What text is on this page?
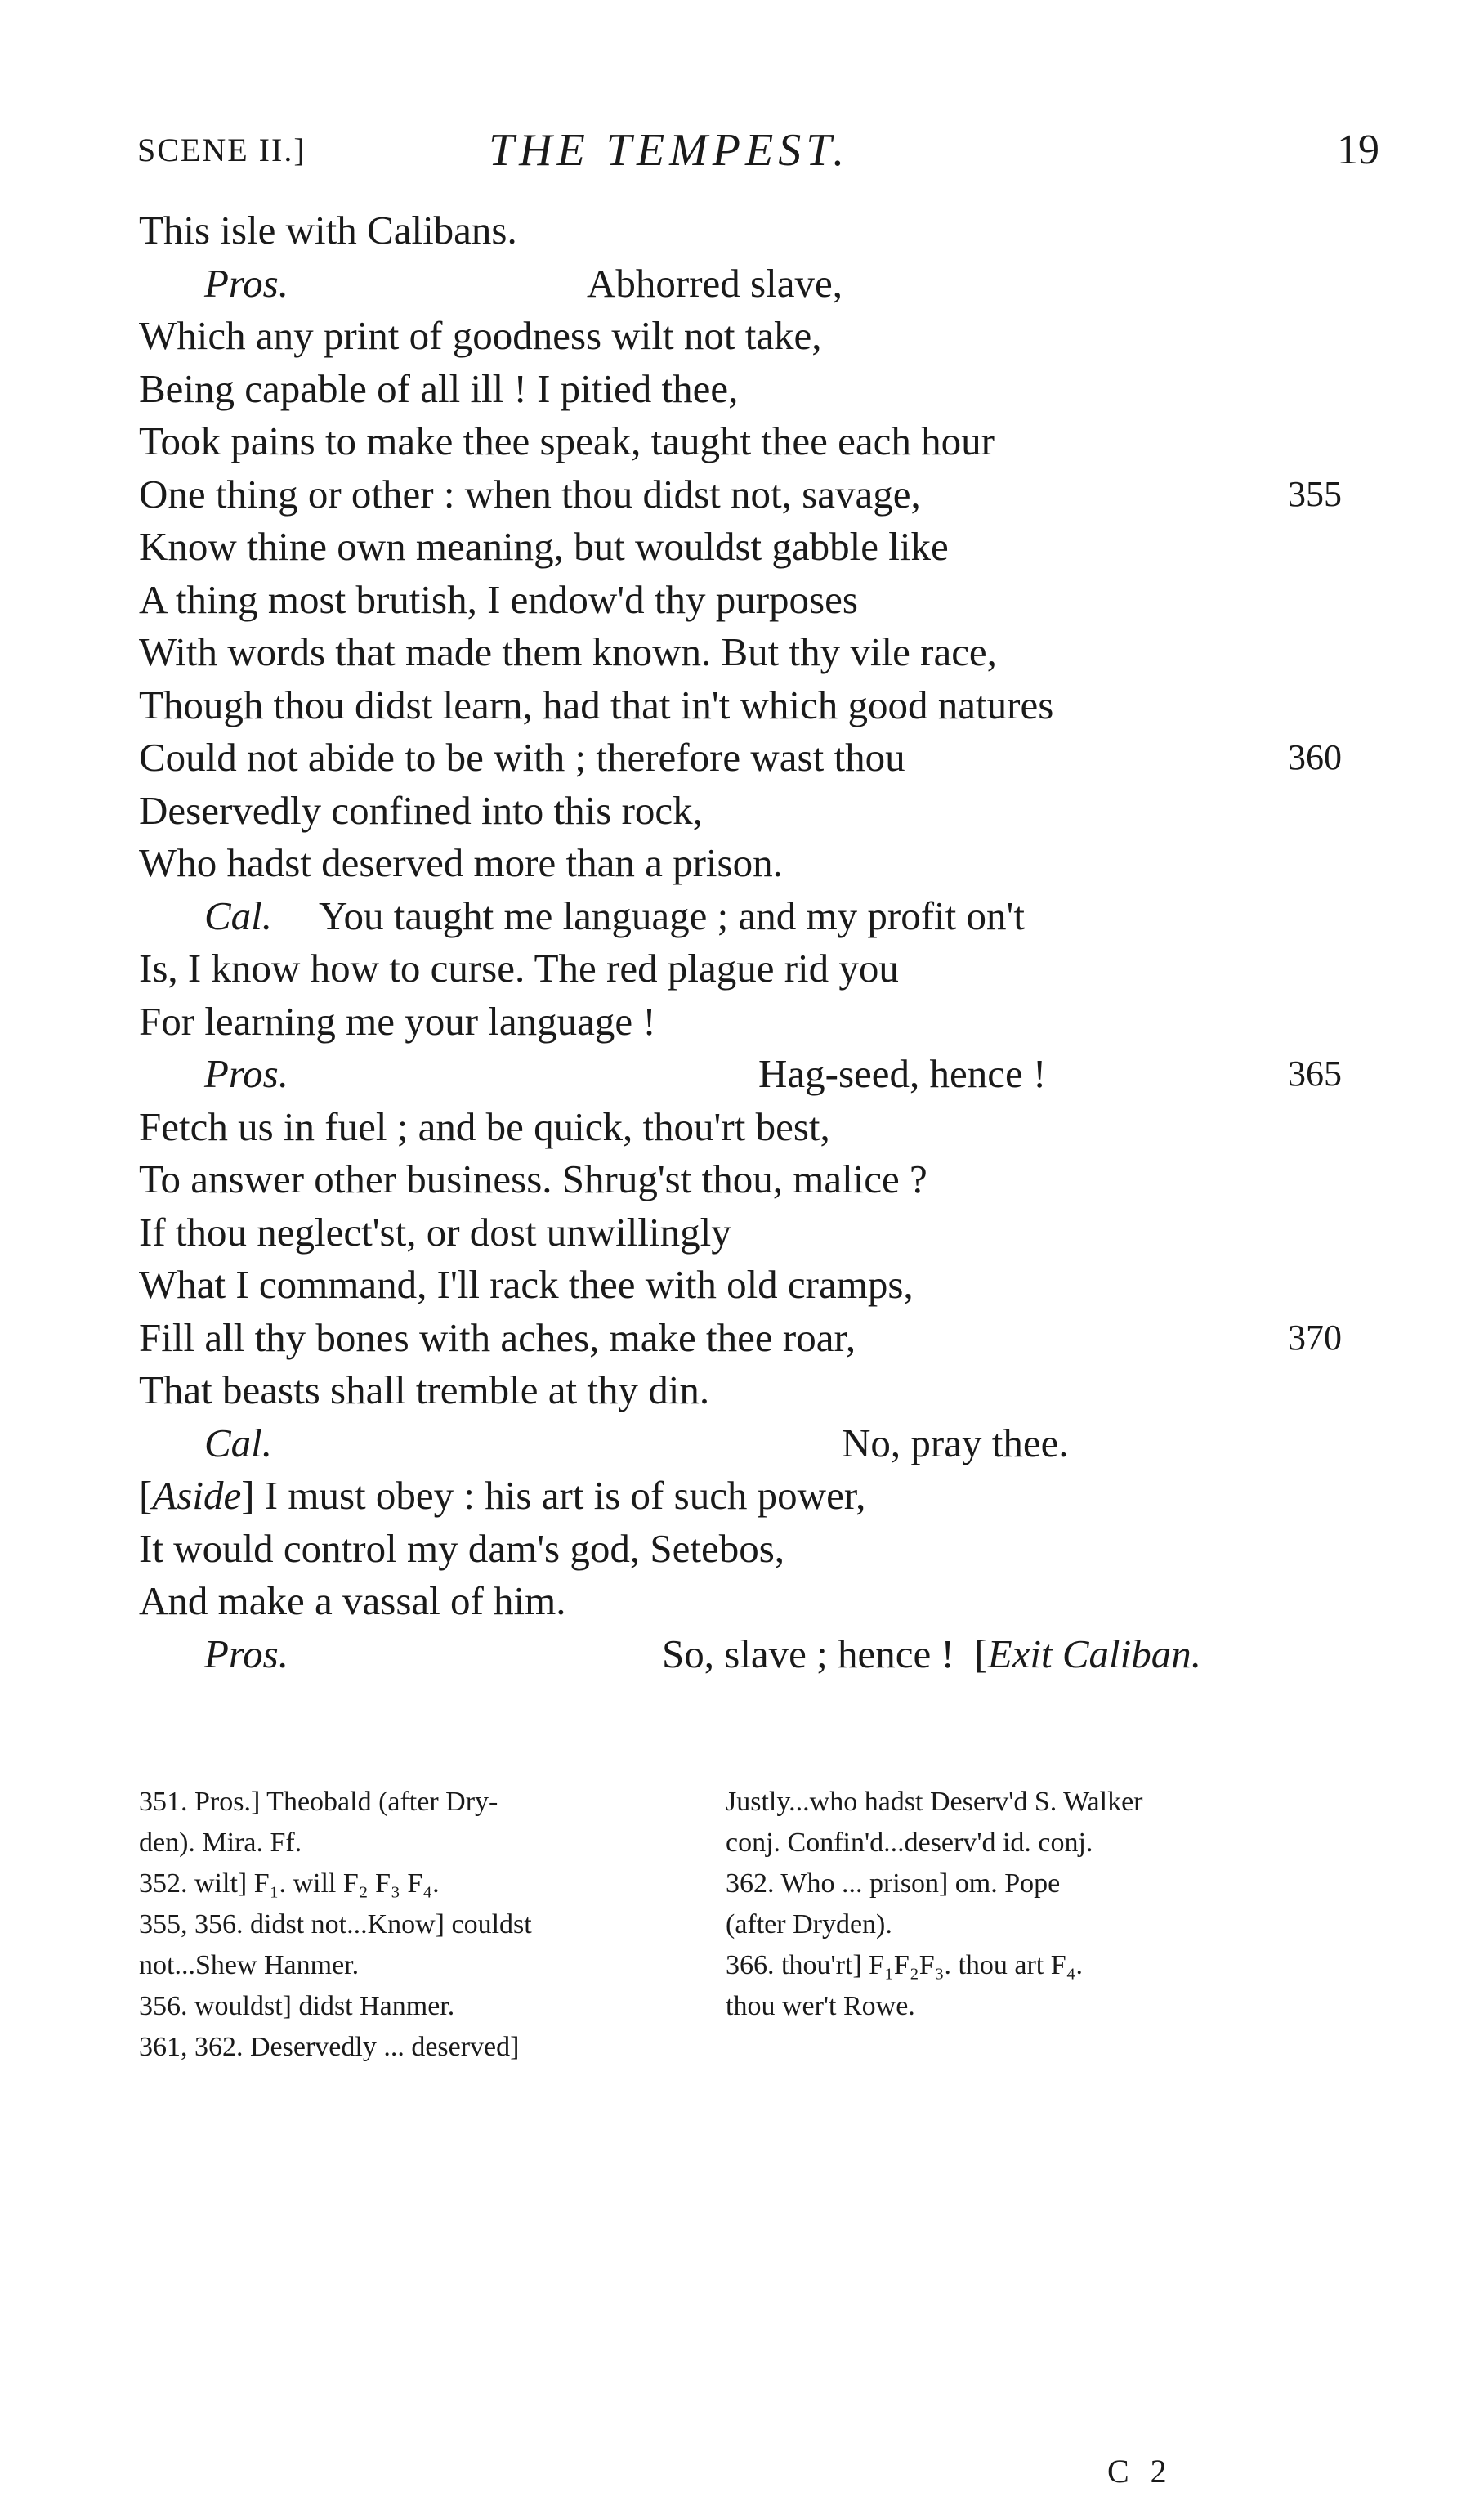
SCENE II.]	THE TEMPEST.	19
This isle with Calibans.
Pros.	Abhorred slave,
Which any print of goodness wilt not take,
Being capable of all ill ! I pitied thee,
Took pains to make thee speak, taught thee each hour
One thing or other : when thou didst not, savage,	355
Know thine own meaning, but wouldst gabble like
A thing most brutish, I endow'd thy purposes
With words that made them known. But thy vile race,
Though thou didst learn, had that in't which good natures
Could not abide to be with ; therefore wast thou	360
Deservedly confined into this rock,
Who hadst deserved more than a prison.
Cal. You taught me language ; and my profit on't
Is, I know how to curse. The red plague rid you
For learning me your language !
Pros.	Hag-seed, hence !	365
Fetch us in fuel ; and be quick, thou'rt best,
To answer other business. Shrug'st thou, malice ?
If thou neglect'st, or dost unwillingly
What I command, I'll rack thee with old cramps,
Fill all thy bones with aches, make thee roar,	370
That beasts shall tremble at thy din.
Cal.	No, pray thee.
[Aside] I must obey : his art is of such power,
It would control my dam's god, Setebos,
And make a vassal of him.
Pros.	So, slave ; hence !  [Exit Caliban.
351. Pros.] Theobald (after Dry-
den). Mira. Ff.
352. wilt] F₁. will F₂ F₃ F₄.
355, 356. didst not...Know] couldst
not...Shew Hanmer.
356. wouldst] didst Hanmer.
361, 362. Deservedly ... deserved]
Justly...who hadst Deserv'd S. Walker
conj. Confin'd...deserv'd id. conj.
362. Who ... prison] om. Pope
(after Dryden).
366. thou'rt] F₁F₂F₃. thou art F₄.
thou wer't Rowe.
C 2
